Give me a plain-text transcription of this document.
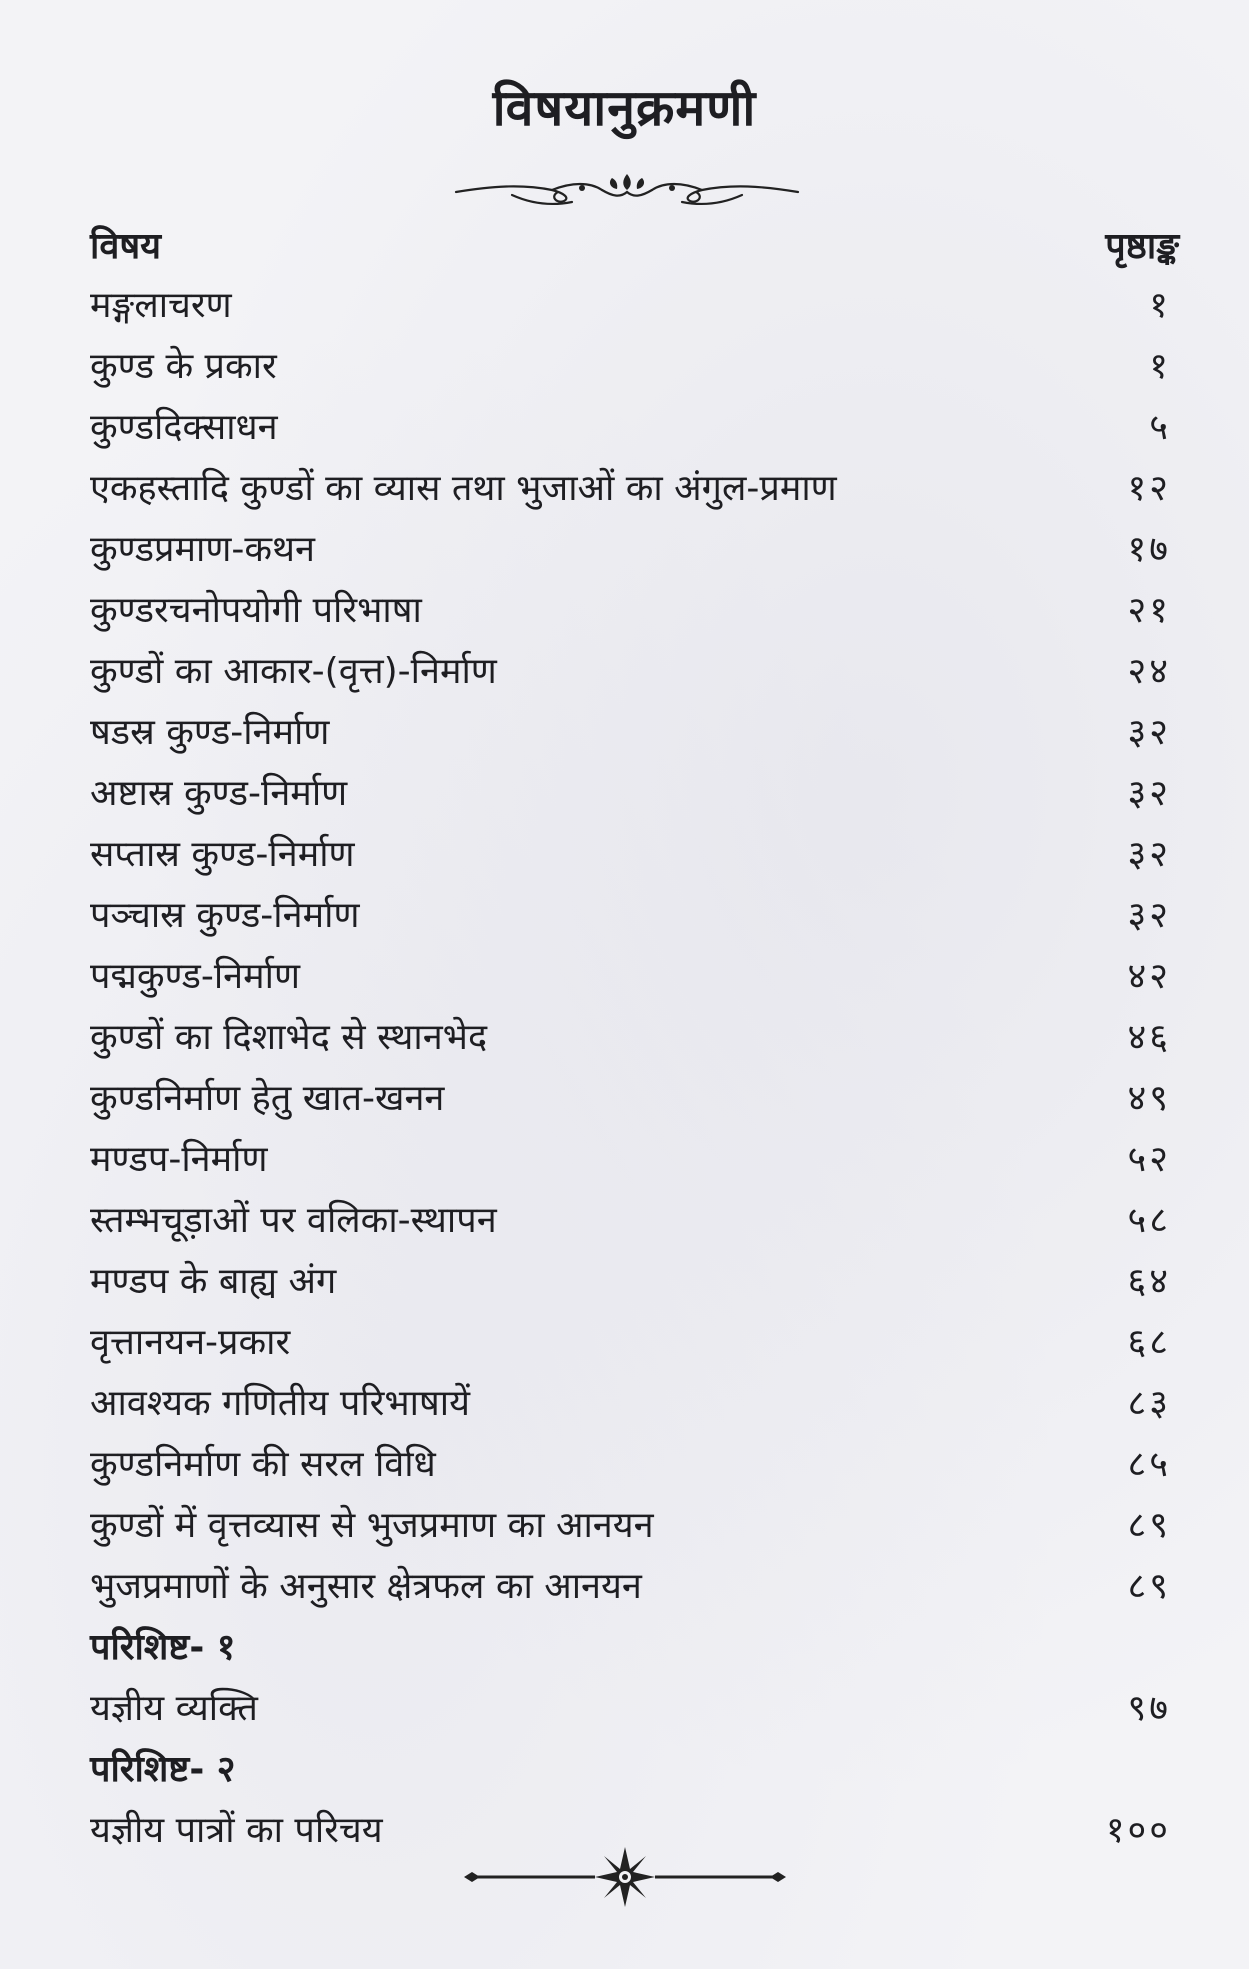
विषयानुक्रमणी
विषय	पृष्ठाङ्क
मङ्गलाचरण	१
कुण्ड के प्रकार	१
कुण्डदिक्साधन	५
एकहस्तादि कुण्डों का व्यास तथा भुजाओं का अंगुल-प्रमाण	१२
कुण्डप्रमाण-कथन	१७
कुण्डरचनोपयोगी परिभाषा	२१
कुण्डों का आकार-(वृत्त)-निर्माण	२४
षडस्र कुण्ड-निर्माण	३२
अष्टास्र कुण्ड-निर्माण	३२
सप्तास्र कुण्ड-निर्माण	३२
पञ्चास्र कुण्ड-निर्माण	३२
पद्मकुण्ड-निर्माण	४२
कुण्डों का दिशाभेद से स्थानभेद	४६
कुण्डनिर्माण हेतु खात-खनन	४९
मण्डप-निर्माण	५२
स्तम्भचूड़ाओं पर वलिका-स्थापन	५८
मण्डप के बाह्य अंग	६४
वृत्तानयन-प्रकार	६८
आवश्यक गणितीय परिभाषायें	८३
कुण्डनिर्माण की सरल विधि	८५
कुण्डों में वृत्तव्यास से भुजप्रमाण का आनयन	८९
भुजप्रमाणों के अनुसार क्षेत्रफल का आनयन	८९
परिशिष्ट- १
यज्ञीय व्यक्ति	९७
परिशिष्ट- २
यज्ञीय पात्रों का परिचय	१००
